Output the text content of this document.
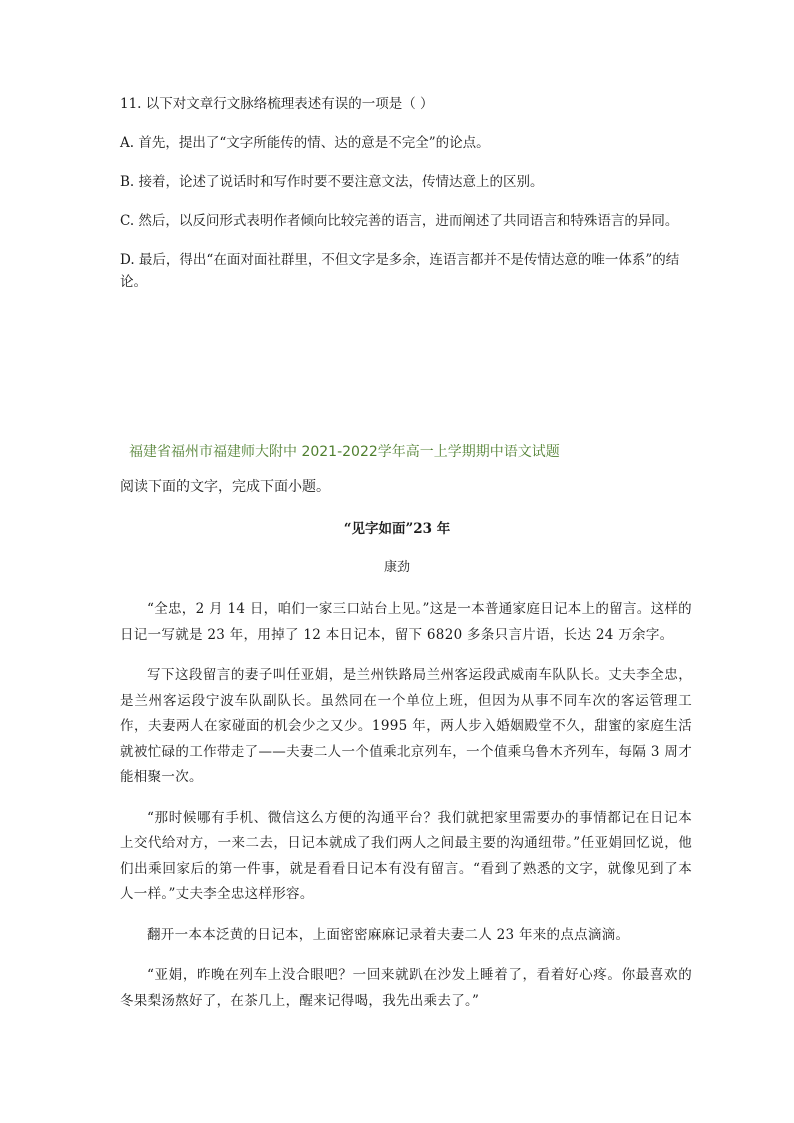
11. 以下对文章行文脉络梳理表述有误的一项是（ ）

A. 首先，提出了“文字所能传的情、达的意是不完全”的论点。

B. 接着，论述了说话时和写作时要不要注意文法，传情达意上的区别。

C. 然后，以反问形式表明作者倾向比较完善的语言，进而阐述了共同语言和特殊语言的异同。

D. 最后，得出“在面对面社群里，不但文字是多余，连语言都并不是传情达意的唯一体系”的结论。

福建省福州市福建师大附中 2021-2022学年高一上学期期中语文试题
阅读下面的文字，完成下面小题。
“见字如面”23 年
康劲

“全忠，2 月 14 日，咱们一家三口站台上见。”这是一本普通家庭日记本上的留言。这样的日记一写就是 23 年，用掉了 12 本日记本，留下 6820 多条只言片语，长达 24 万余字。

写下这段留言的妻子叫任亚娟，是兰州铁路局兰州客运段武威南车队队长。丈夫李全忠，是兰州客运段宁波车队副队长。虽然同在一个单位上班，但因为从事不同车次的客运管理工作，夫妻两人在家碰面的机会少之又少。1995 年，两人步入婚姻殿堂不久，甜蜜的家庭生活就被忙碌的工作带走了——夫妻二人一个值乘北京列车，一个值乘乌鲁木齐列车，每隔 3 周才能相聚一次。

“那时候哪有手机、微信这么方便的沟通平台？我们就把家里需要办的事情都记在日记本上交代给对方，一来二去，日记本就成了我们两人之间最主要的沟通纽带。”任亚娟回忆说，他们出乘回家后的第一件事，就是看看日记本有没有留言。“看到了熟悉的文字，就像见到了本人一样。”丈夫李全忠这样形容。

翻开一本本泛黄的日记本，上面密密麻麻记录着夫妻二人 23 年来的点点滴滴。

“亚娟，昨晚在列车上没合眼吧？一回来就趴在沙发上睡着了，看着好心疼。你最喜欢的冬果梨汤熬好了，在茶几上，醒来记得喝，我先出乘去了。”
